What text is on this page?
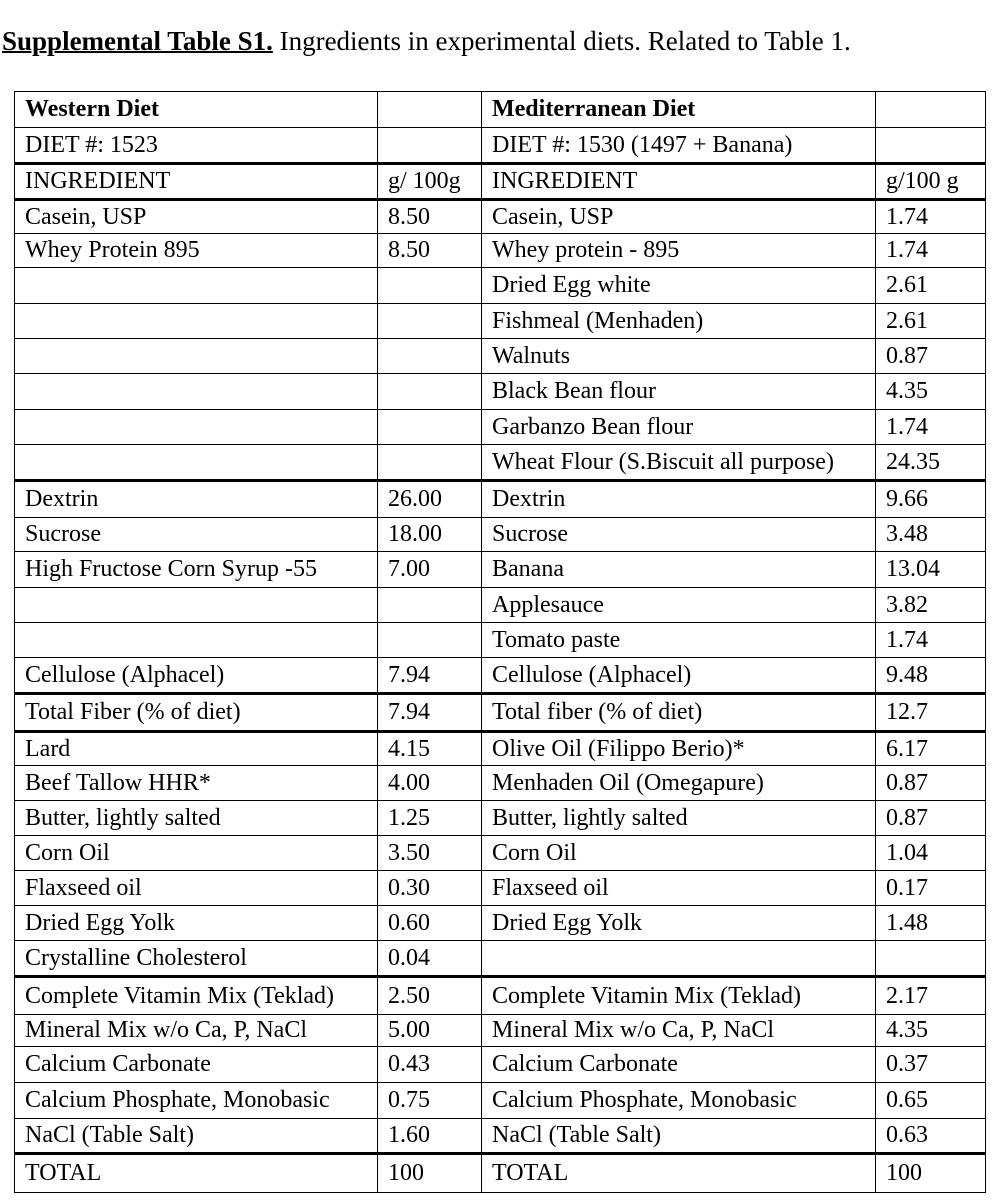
Supplemental Table S1. Ingredients in experimental diets. Related to Table 1.
Western Diet		Mediterranean Diet	
DIET #: 1523		DIET #: 1530 (1497 + Banana)	
INGREDIENT	g/ 100g	INGREDIENT	g/100 g
Casein, USP	8.50	Casein, USP	1.74
Whey Protein 895	8.50	Whey protein - 895	1.74
		Dried Egg white	2.61
		Fishmeal (Menhaden)	2.61
		Walnuts	0.87
		Black Bean flour	4.35
		Garbanzo Bean flour	1.74
		Wheat Flour (S.Biscuit all purpose)	24.35
Dextrin	26.00	Dextrin	9.66
Sucrose	18.00	Sucrose	3.48
High Fructose Corn Syrup -55	7.00	Banana	13.04
		Applesauce	3.82
		Tomato paste	1.74
Cellulose (Alphacel)	7.94	Cellulose (Alphacel)	9.48
Total Fiber (% of diet)	7.94	Total fiber (% of diet)	12.7
Lard	4.15	Olive Oil (Filippo Berio)*	6.17
Beef Tallow HHR*	4.00	Menhaden Oil (Omegapure)	0.87
Butter, lightly salted	1.25	Butter, lightly salted	0.87
Corn Oil	3.50	Corn Oil	1.04
Flaxseed oil	0.30	Flaxseed oil	0.17
Dried Egg Yolk	0.60	Dried Egg Yolk	1.48
Crystalline Cholesterol	0.04		
Complete Vitamin Mix (Teklad)	2.50	Complete Vitamin Mix (Teklad)	2.17
Mineral Mix w/o Ca, P, NaCl	5.00	Mineral Mix w/o Ca, P, NaCl	4.35
Calcium Carbonate	0.43	Calcium Carbonate	0.37
Calcium Phosphate, Monobasic	0.75	Calcium Phosphate, Monobasic	0.65
NaCl (Table Salt)	1.60	NaCl (Table Salt)	0.63
TOTAL	100	TOTAL	100
